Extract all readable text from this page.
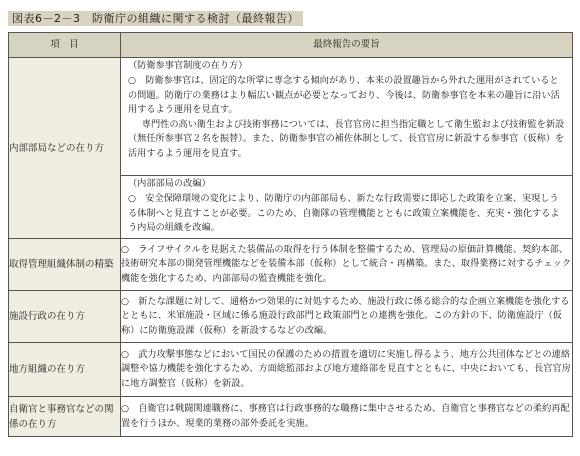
図表6－2－3　防衛庁の組織に関する検討（最終報告）
項　目	最終報告の要旨
内部部局などの在り方	（防衛参事官制度の在り方）

○　防衛参事官は、固定的な所掌に専念する傾向があり、本来の設置趣旨から外れた運用がされているとの問題。防衛庁の業務はより幅広い観点が必要となっており、今後は、防衛参事官を本来の趣旨に沿い活用するよう運用を見直す。

専門性の高い衛生および技術事務については、長官官房に担当指定職として衛生監および技術監を新設（無任所参事官２名を振替）。また、防衛参事官の補佐体制として、長官官房に新設する参事官（仮称）を活用するよう運用を見直す。

（内部部局の改編）

○　安全保障環境の変化により、防衛庁の内部部局も、新たな行政需要に即応した政策を立案、実現しうる体制へと見直すことが必要。このため、自衛隊の管理機能とともに政策立案機能を、充実・強化するよう内局の組織を改編。

取得管理組織体制の精築	○　ライフサイクルを見据えた装備品の取得を行う体制を整備するため、管理局の原価計算機能、契約本部、技術研究本部の開発管理機能などを装備本部（仮称）として統合・再構築。また、取得業務に対するチェック機能を強化するため、内部部局の監査機能を強化。

施設行政の在り方	○　新たな課題に対して、通格かつ効果的に対処するため、施設行政に係る総合的な企画立案機能を強化するとともに、米軍施設・区域に係る施設行政部門と政策部門との連携を強化。この方針の下、防衛施設庁（仮称）に防衛施設課（仮称）を新設するなどの改編。

地方組織の在り方	○　武力攻撃事態などにおいて国民の保護のための措置を適切に実施し得るよう、地方公共団体などとの連絡調整や協力機能を強化するため、方面総監部および地方連絡部を見直すとともに、中央においても、長官官房に地方調整官（仮称）を新設。

自衛官と事務官などの関係の在り方	○　自衛官は戦闘関連職務に、事務官は行政事務的な職務に集中させるため、自衛官と事務官などの柔約再配置を行うほか、現業的業務の部外委託を実施。
